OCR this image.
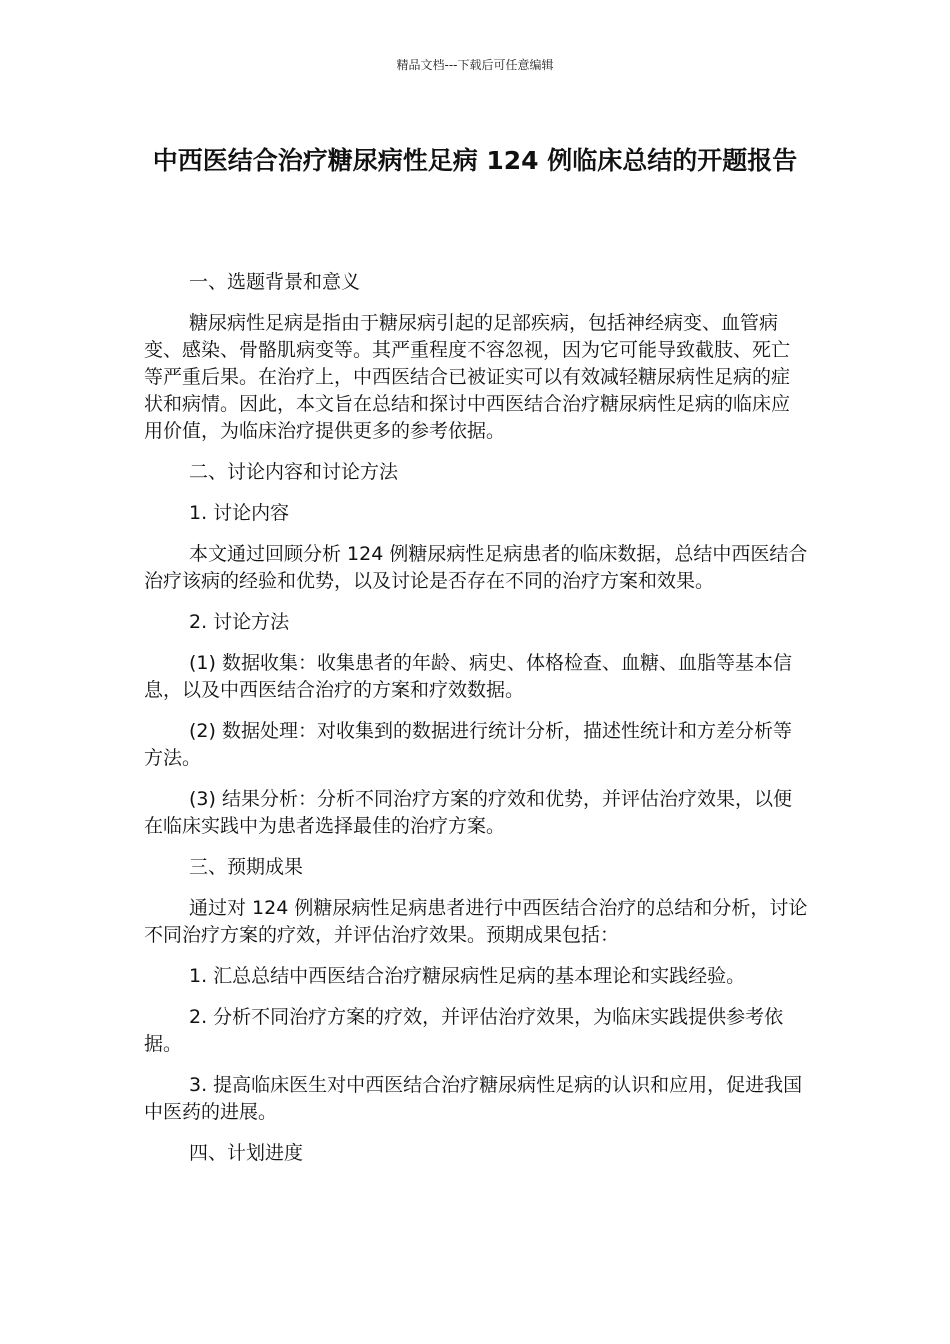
精品文档---下载后可任意编辑
中西医结合治疗糖尿病性足病 124 例临床总结的开题报告

一、选题背景和意义

糖尿病性足病是指由于糖尿病引起的足部疾病，包括神经病变、血管病变、感染、骨骼肌病变等。其严重程度不容忽视，因为它可能导致截肢、死亡等严重后果。在治疗上，中西医结合已被证实可以有效减轻糖尿病性足病的症状和病情。因此，本文旨在总结和探讨中西医结合治疗糖尿病性足病的临床应用价值，为临床治疗提供更多的参考依据。

二、讨论内容和讨论方法

1. 讨论内容

本文通过回顾分析 124 例糖尿病性足病患者的临床数据，总结中西医结合治疗该病的经验和优势，以及讨论是否存在不同的治疗方案和效果。

2. 讨论方法

(1) 数据收集：收集患者的年龄、病史、体格检查、血糖、血脂等基本信息，以及中西医结合治疗的方案和疗效数据。

(2) 数据处理：对收集到的数据进行统计分析，描述性统计和方差分析等方法。

(3) 结果分析：分析不同治疗方案的疗效和优势，并评估治疗效果，以便在临床实践中为患者选择最佳的治疗方案。

三、预期成果

通过对 124 例糖尿病性足病患者进行中西医结合治疗的总结和分析，讨论不同治疗方案的疗效，并评估治疗效果。预期成果包括：

1. 汇总总结中西医结合治疗糖尿病性足病的基本理论和实践经验。

2. 分析不同治疗方案的疗效，并评估治疗效果，为临床实践提供参考依据。

3. 提高临床医生对中西医结合治疗糖尿病性足病的认识和应用，促进我国中医药的进展。

四、计划进度
